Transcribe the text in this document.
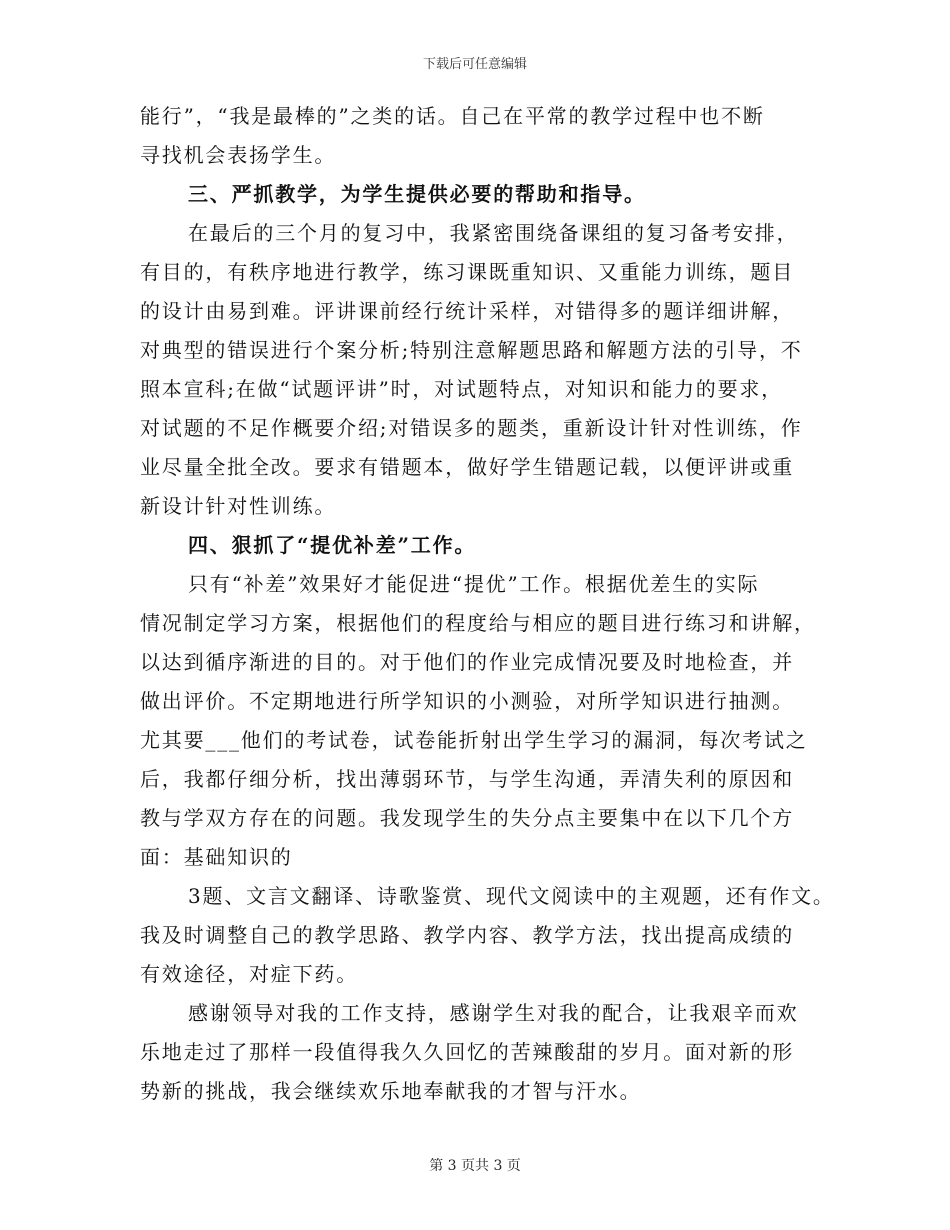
下载后可任意编辑
能行”，“我是最棒的”之类的话。自己在平常的教学过程中也不断
寻找机会表扬学生。
三、严抓教学，为学生提供必要的帮助和指导。
在最后的三个月的复习中，我紧密围绕备课组的复习备考安排，
有目的，有秩序地进行教学，练习课既重知识、又重能力训练，题目
的设计由易到难。评讲课前经行统计采样，对错得多的题详细讲解，
对典型的错误进行个案分析;特别注意解题思路和解题方法的引导，不
照本宣科;在做“试题评讲”时，对试题特点，对知识和能力的要求，
对试题的不足作概要介绍;对错误多的题类，重新设计针对性训练，作
业尽量全批全改。要求有错题本，做好学生错题记载，以便评讲或重
新设计针对性训练。
四、狠抓了“提优补差”工作。
只有“补差”效果好才能促进“提优”工作。根据优差生的实际
情况制定学习方案，根据他们的程度给与相应的题目进行练习和讲解，
以达到循序渐进的目的。对于他们的作业完成情况要及时地检查，并
做出评价。不定期地进行所学知识的小测验，对所学知识进行抽测。
尤其要___他们的考试卷，试卷能折射出学生学习的漏洞，每次考试之
后，我都仔细分析，找出薄弱环节，与学生沟通，弄清失利的原因和
教与学双方存在的问题。我发现学生的失分点主要集中在以下几个方
面：基础知识的
3题、文言文翻译、诗歌鉴赏、现代文阅读中的主观题，还有作文。
我及时调整自己的教学思路、教学内容、教学方法，找出提高成绩的
有效途径，对症下药。
感谢领导对我的工作支持，感谢学生对我的配合，让我艰辛而欢
乐地走过了那样一段值得我久久回忆的苦辣酸甜的岁月。面对新的形
势新的挑战，我会继续欢乐地奉献我的才智与汗水。
第 3 页共 3 页
